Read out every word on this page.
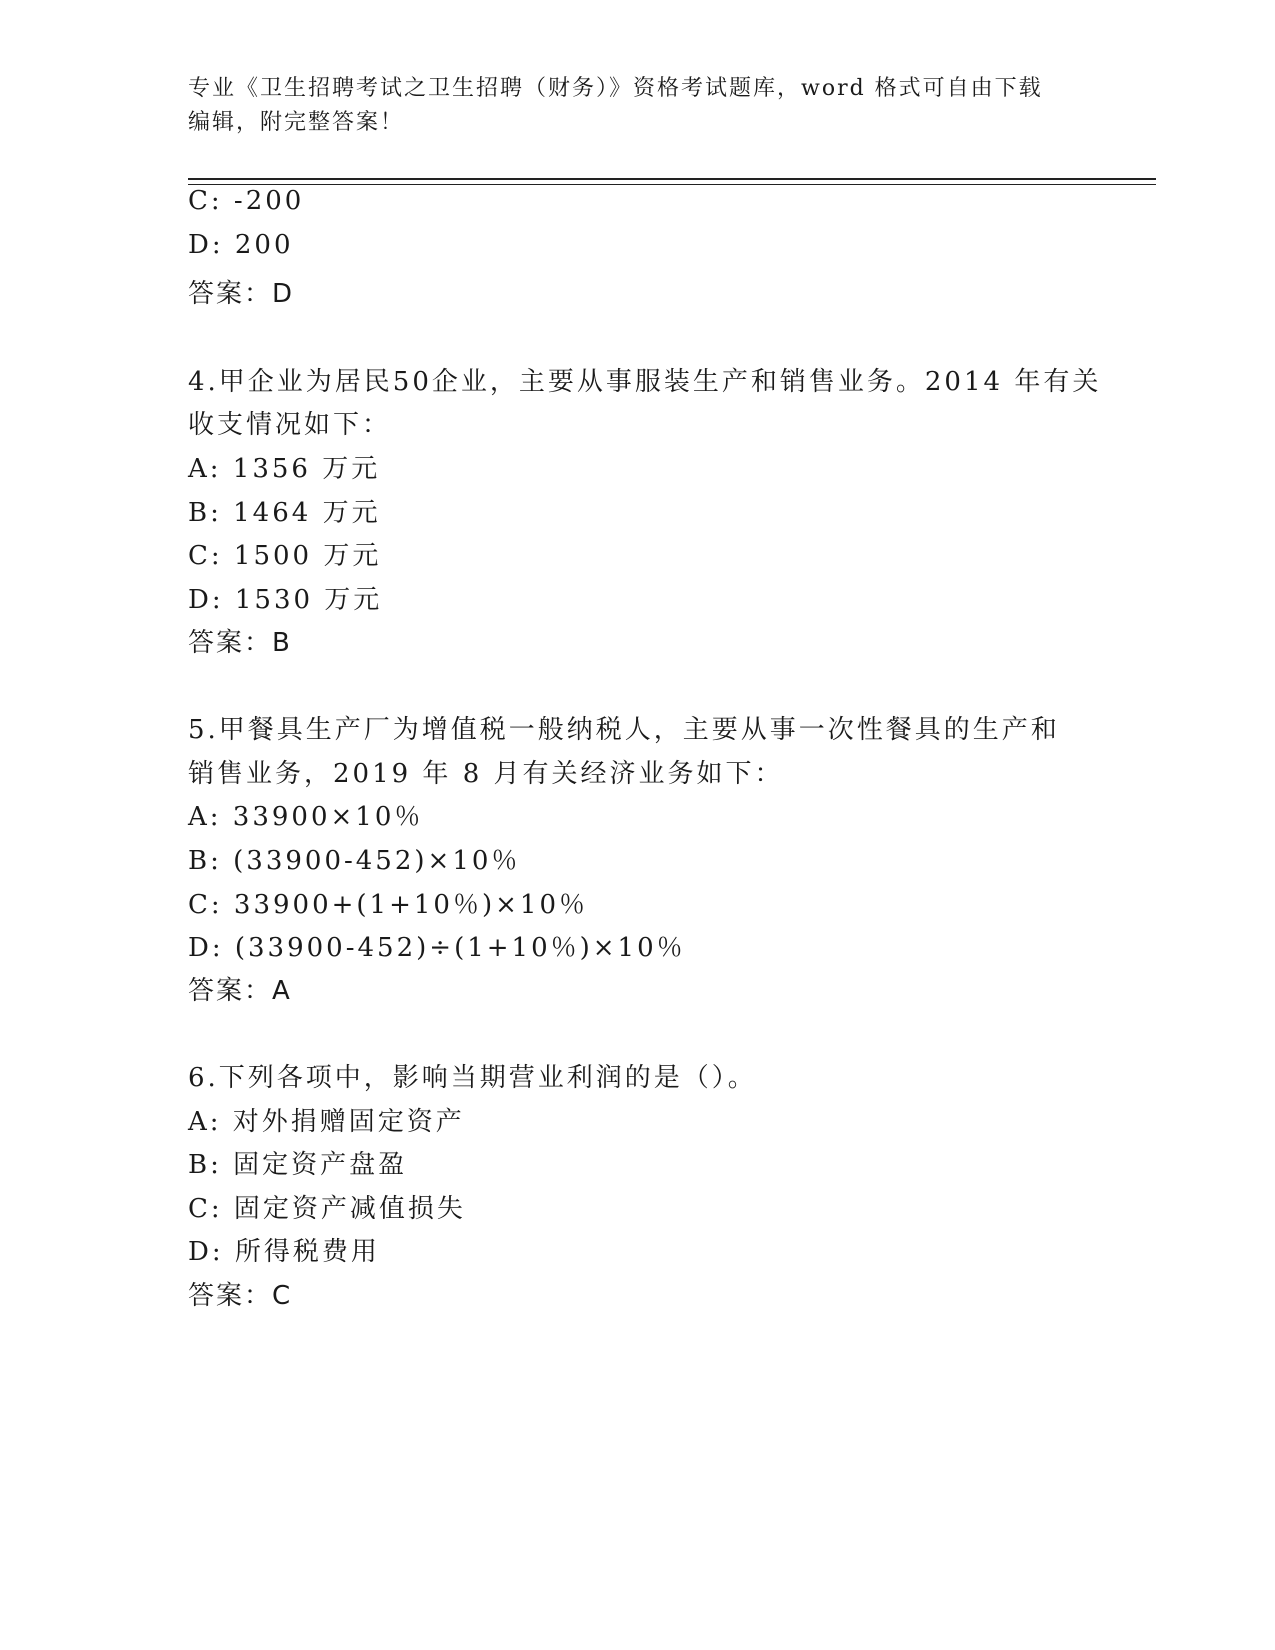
专业《卫生招聘考试之卫生招聘（财务）》资格考试题库，word 格式可自由下载
编辑，附完整答案！
C: -200
D: 200
答案：D
4.甲企业为居民50企业，主要从事服装生产和销售业务。2014 年有关
收支情况如下：
A: 1356 万元
B: 1464 万元
C: 1500 万元
D: 1530 万元
答案：B
5.甲餐具生产厂为增值税一般纳税人，主要从事一次性餐具的生产和
销售业务，2019 年 8 月有关经济业务如下：
A: 33900×10％
B: (33900-452)×10％
C: 33900+(1+10％)×10％
D: (33900-452)÷(1+10％)×10％
答案：A
6.下列各项中，影响当期营业利润的是（）。
A: 对外捐赠固定资产
B: 固定资产盘盈
C: 固定资产减值损失
D: 所得税费用
答案：C
